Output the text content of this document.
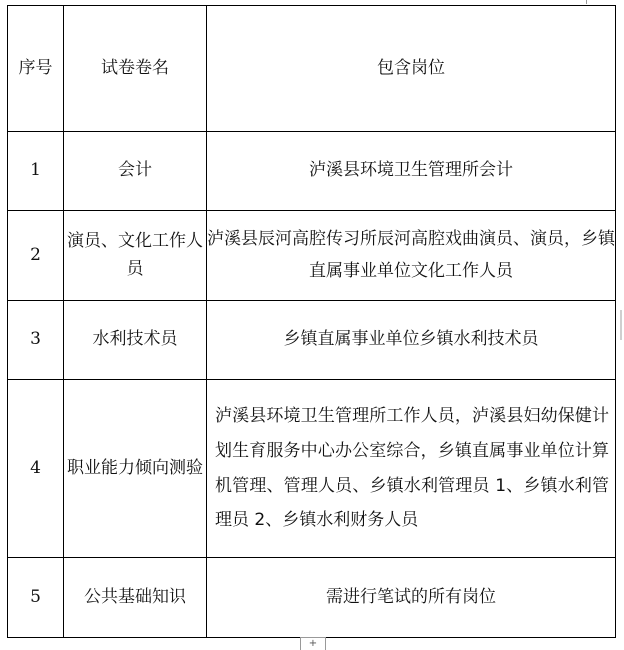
序号	试卷卷名	包含岗位
1	会计	泸溪县环境卫生管理所会计
2	演员、文化工作人员	泸溪县辰河高腔传习所辰河高腔戏曲演员、演员，乡镇直属事业单位文化工作人员
3	水利技术员	乡镇直属事业单位乡镇水利技术员
4	职业能力倾向测验	泸溪县环境卫生管理所工作人员，泸溪县妇幼保健计划生育服务中心办公室综合，乡镇直属事业单位计算机管理、管理人员、乡镇水利管理员 1、乡镇水利管理员 2、乡镇水利财务人员
5	公共基础知识	需进行笔试的所有岗位
+
